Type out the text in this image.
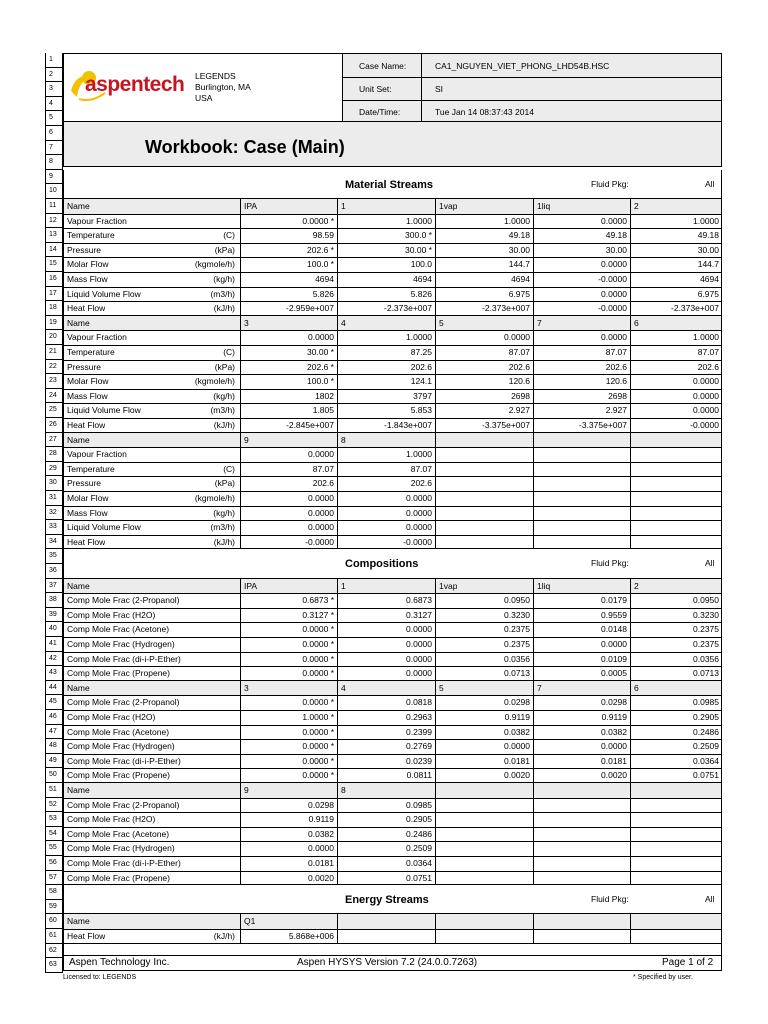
1
2
3
4
5
6
7
8
9
10
11
12
13
14
15
16
17
18
19
20
21
22
23
24
25
26
27
28
29
30
31
32
33
34
35
36
37
38
39
40
41
42
43
44
45
46
47
48
49
50
51
52
53
54
55
56
57
58
59
60
61
62
63
aspentech LEGENDS
Burlington, MA
USA
Case Name:	CA1_NGUYEN_VIET_PHONG_LHD54B.HSC
Unit Set:	SI
Date/Time:	Tue Jan 14 08:37:43 2014
Workbook: Case (Main)
Material Streams	Fluid Pkg:	All
Name	IPA	1	1vap	1liq	2
Vapour Fraction	0.0000 *	1.0000	1.0000	0.0000	1.0000
Temperature	(C)	98.59	300.0 *	49.18	49.18	49.18
Pressure	(kPa)	202.6 *	30.00 *	30.00	30.00	30.00
Molar Flow	(kgmole/h)	100.0 *	100.0	144.7	0.0000	144.7
Mass Flow	(kg/h)	4694	4694	4694	-0.0000	4694
Liquid Volume Flow	(m3/h)	5.826	5.826	6.975	0.0000	6.975
Heat Flow	(kJ/h)	-2.959e+007	-2.373e+007	-2.373e+007	-0.0000	-2.373e+007
Name	3	4	5	7	6
Vapour Fraction	0.0000	1.0000	0.0000	0.0000	1.0000
Temperature	(C)	30.00 *	87.25	87.07	87.07	87.07
Pressure	(kPa)	202.6 *	202.6	202.6	202.6	202.6
Molar Flow	(kgmole/h)	100.0 *	124.1	120.6	120.6	0.0000
Mass Flow	(kg/h)	1802	3797	2698	2698	0.0000
Liquid Volume Flow	(m3/h)	1.805	5.853	2.927	2.927	0.0000
Heat Flow	(kJ/h)	-2.845e+007	-1.843e+007	-3.375e+007	-3.375e+007	-0.0000
Name	9	8
Vapour Fraction	0.0000	1.0000
Temperature	(C)	87.07	87.07
Pressure	(kPa)	202.6	202.6
Molar Flow	(kgmole/h)	0.0000	0.0000
Mass Flow	(kg/h)	0.0000	0.0000
Liquid Volume Flow	(m3/h)	0.0000	0.0000
Heat Flow	(kJ/h)	-0.0000	-0.0000
Compositions	Fluid Pkg:	All
Name	IPA	1	1vap	1liq	2
Comp Mole Frac (2-Propanol)	0.6873 *	0.6873	0.0950	0.0179	0.0950
Comp Mole Frac (H2O)	0.3127 *	0.3127	0.3230	0.9559	0.3230
Comp Mole Frac (Acetone)	0.0000 *	0.0000	0.2375	0.0148	0.2375
Comp Mole Frac (Hydrogen)	0.0000 *	0.0000	0.2375	0.0000	0.2375
Comp Mole Frac (di-i-P-Ether)	0.0000 *	0.0000	0.0356	0.0109	0.0356
Comp Mole Frac (Propene)	0.0000 *	0.0000	0.0713	0.0005	0.0713
Name	3	4	5	7	6
Comp Mole Frac (2-Propanol)	0.0000 *	0.0818	0.0298	0.0298	0.0985
Comp Mole Frac (H2O)	1.0000 *	0.2963	0.9119	0.9119	0.2905
Comp Mole Frac (Acetone)	0.0000 *	0.2399	0.0382	0.0382	0.2486
Comp Mole Frac (Hydrogen)	0.0000 *	0.2769	0.0000	0.0000	0.2509
Comp Mole Frac (di-i-P-Ether)	0.0000 *	0.0239	0.0181	0.0181	0.0364
Comp Mole Frac (Propene)	0.0000 *	0.0811	0.0020	0.0020	0.0751
Name	9	8
Comp Mole Frac (2-Propanol)	0.0298	0.0985
Comp Mole Frac (H2O)	0.9119	0.2905
Comp Mole Frac (Acetone)	0.0382	0.2486
Comp Mole Frac (Hydrogen)	0.0000	0.2509
Comp Mole Frac (di-i-P-Ether)	0.0181	0.0364
Comp Mole Frac (Propene)	0.0020	0.0751
Energy Streams	Fluid Pkg:	All
Name	Q1
Heat Flow	(kJ/h)	5.868e+006
Aspen Technology Inc.	Aspen HYSYS Version 7.2 (24.0.0.7263)	Page 1 of 2
Licensed to: LEGENDS	* Specified by user.
